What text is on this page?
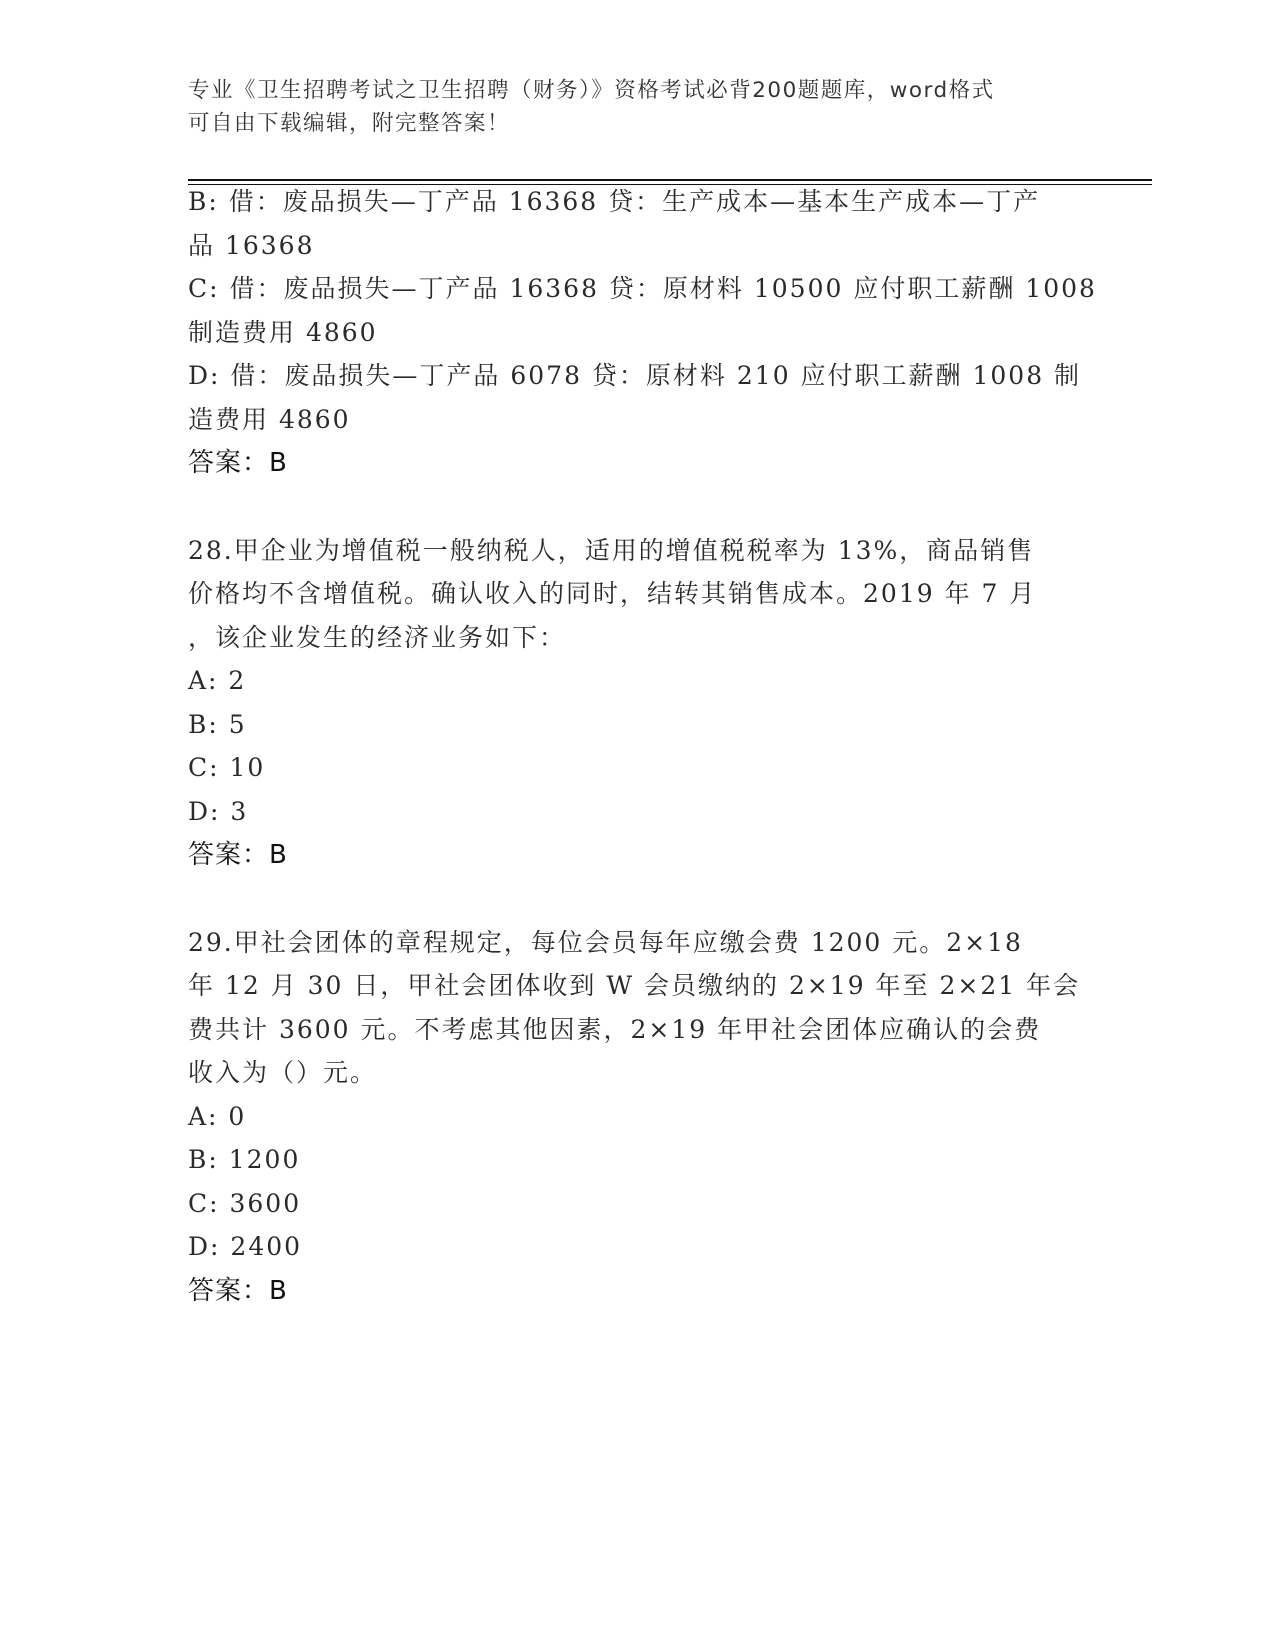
专业《卫生招聘考试之卫生招聘（财务）》资格考试必背200题题库，word格式
可自由下载编辑，附完整答案！
B: 借：废品损失—丁产品 16368 贷：生产成本—基本生产成本—丁产
品 16368
C: 借：废品损失—丁产品 16368 贷：原材料 10500 应付职工薪酬 1008
制造费用 4860
D: 借：废品损失—丁产品 6078 贷：原材料 210 应付职工薪酬 1008 制
造费用 4860
答案：B
28.甲企业为增值税一般纳税人，适用的增值税税率为 13%，商品销售
价格均不含增值税。确认收入的同时，结转其销售成本。2019 年 7 月
，该企业发生的经济业务如下：
A: 2
B: 5
C: 10
D: 3
答案：B
29.甲社会团体的章程规定，每位会员每年应缴会费 1200 元。2×18
年 12 月 30 日，甲社会团体收到 W 会员缴纳的 2×19 年至 2×21 年会
费共计 3600 元。不考虑其他因素，2×19 年甲社会团体应确认的会费
收入为（）元。
A: 0
B: 1200
C: 3600
D: 2400
答案：B
